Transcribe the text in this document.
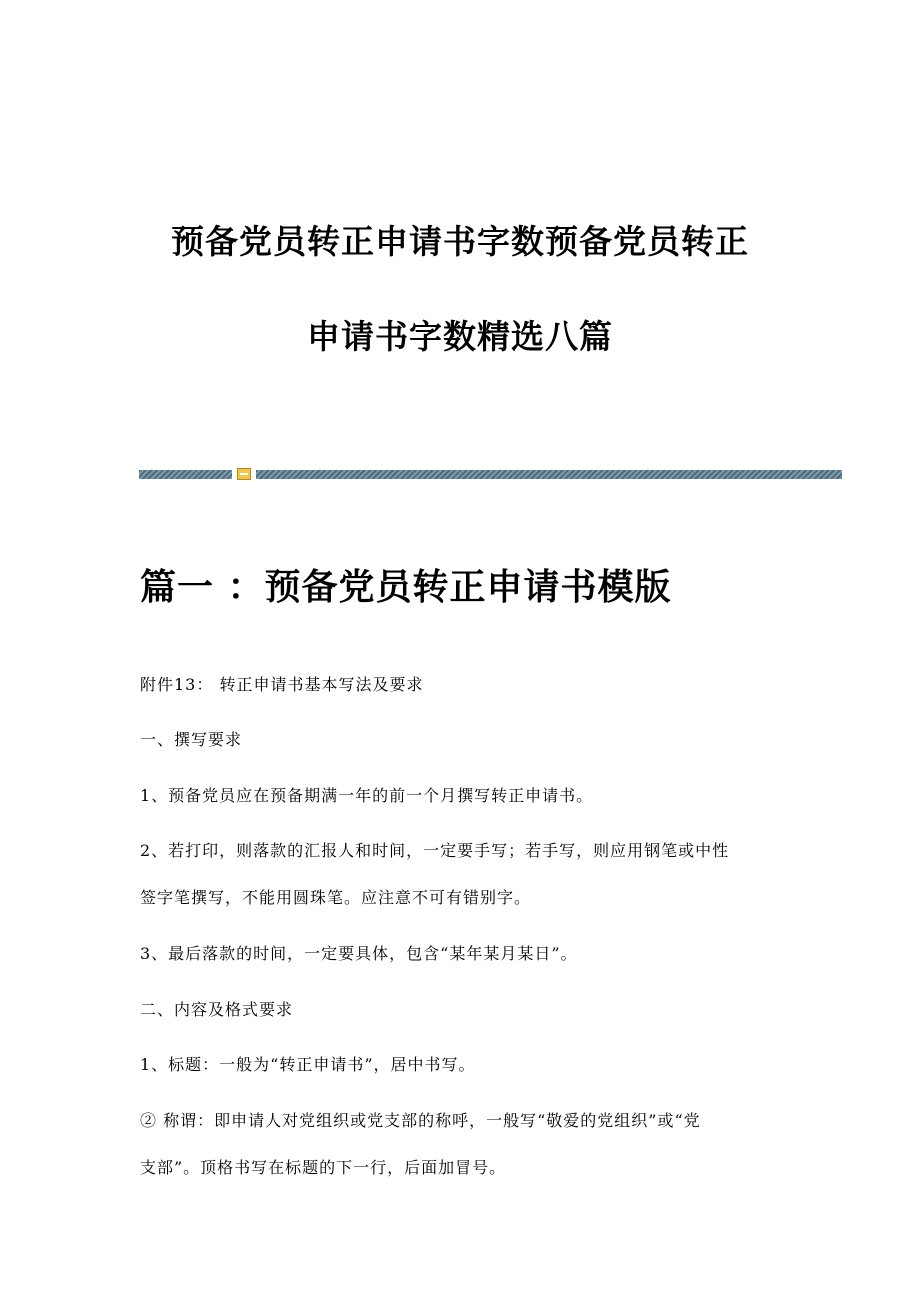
预备党员转正申请书字数预备党员转正
申请书字数精选八篇
篇一 ：预备党员转正申请书模版

附件13： 转正申请书基本写法及要求

一、撰写要求

1、预备党员应在预备期满一年的前一个月撰写转正申请书。

2、若打印，则落款的汇报人和时间，一定要手写；若手写，则应用钢笔或中性

签字笔撰写，不能用圆珠笔。应注意不可有错别字。

3、最后落款的时间，一定要具体，包含“某年某月某日”。

二、内容及格式要求

1、标题：一般为“转正申请书”，居中书写。

② 称谓：即申请人对党组织或党支部的称呼，一般写“敬爱的党组织”或“党

支部”。顶格书写在标题的下一行，后面加冒号。
